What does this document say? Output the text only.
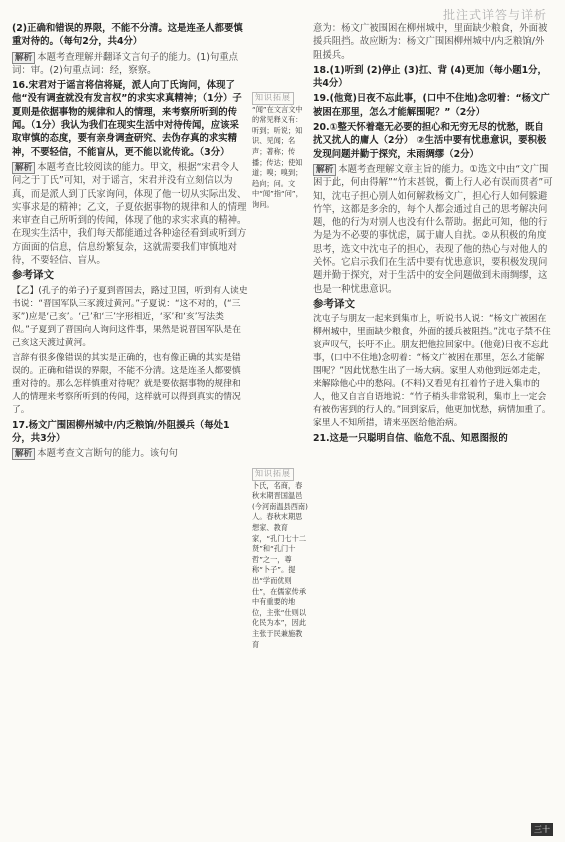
批注式详答与详析

(2)正确和错误的界限，不能不分清。这是连圣人都要慎重对待的。（每句2分，共4分）

解析 本题考查理解并翻译文言句子的能力。(1)句重点词：审。(2)句重点词：经，察察。

16.宋君对于谣言将信将疑，派人向丁氏询问，体现了他“没有调查就没有发言权”的求实求真精神；（1分）子夏则是依据事物的规律和人的情理，来考察所听到的传闻。（1分）我认为我们在现实生活中对待传闻，应该采取审慎的态度，要有亲身调查研究、去伪存真的求实精神，不要轻信，不能盲从，更不能以讹传讹。（3分）

解析 本题考查比较阅读的能力。甲文，根据“宋君令人问之于丁氏”可知，对于谣言，宋君并没有立刻信以为真，而是派人到丁氏家询问，体现了他一切从实际出发、实事求是的精神；乙文，子夏依据事物的规律和人的情理来审查自己所听到的传闻，体现了他的求实求真的精神。在现实生活中，我们每天都能通过各种途径看到或听到方方面面的信息，信息纷繁复杂，这就需要我们审慎地对待，不要轻信、盲从。

参考译文

【乙】(孔子的弟子)子夏到晋国去，路过卫国，听到有人读史书说：“晋国军队三豕渡过黄河。”子夏说：“这不对的，(“三豕”)应是‘己亥’。‘己’和‘三’字形相近，‘豕’和‘亥’写法类似。”子夏到了晋国向人询问这件事，果然是说晋国军队是在己亥这天渡过黄河。

言辞有很多像错误的其实是正确的，也有像正确的其实是错误的。正确和错误的界限，不能不分清。这是连圣人都要慎重对待的。那么怎样慎重对待呢？就是要依据事物的规律和人的情理来考察所听到的传闻，这样就可以得到真实的情况了。

17.杨文广围困柳州城中/内乏粮饷/外阻援兵（每处1分，共3分）

解析 本题考查文言断句的能力。该句句

知识拓展
“闻”在文言文中的常见释义有：听到；听说；知识、见闻；名声；著称；传播；传达；使知道；嗅；嗅到；趋向；问。文中“闻”指“问”，询问。
知识拓展
卜氏，名商，春秋末期晋国温邑(今河南温县西南)人。春秋末期思想家、教育家，“孔门七十二贤”和“孔门十哲”之一，尊称“卜子”。提出“学而优则仕”，在儒家传承中有重要的地位，主张“仕则以化民为本”，因此主张于民兼施教育

意为：杨文广被围困在柳州城中，里面缺少粮食，外面被援兵阻挡。故应断为：杨文广围困柳州城中/内乏粮饷/外阻援兵。

18.(1)听到 (2)停止 (3)扛、背 (4)更加（每小题1分，共4分）

19.(他竟)日夜不忘此事，(口中不住地)念叨着：“杨文广被困在那里，怎么才能解围呢？”（2分）

20.①整天怀着毫无必要的担心和无穷无尽的忧愁，既自扰又扰人的庸人（2分） ②生活中要有忧患意识，要积极发现问题并勤于探究，未雨绸缪（2分）

解析 本题考查理解文章主旨的能力。①选文中由“文广围困于此，何由得解”“竹末甚锐，衢上行人必有误而贯者”可知，沈屯子担心别人如何解救杨文广，担心行人如何躲避竹竿，这都是多余的，每个人都会通过自己的思考解决问题，他的行为对别人也没有什么帮助。据此可知，他的行为是为不必要的事忧虑，属于庸人自扰。②从积极的角度思考，选文中沈屯子的担心，表现了他的热心与对他人的关怀。它启示我们在生活中要有忧患意识，要积极发现问题并勤于探究，对于生活中的安全问题做到未雨绸缪，这也是一种忧患意识。

参考译文

沈屯子与朋友一起来到集市上，听说书人说：“杨文广被困在柳州城中，里面缺少粮食，外面的援兵被阻挡。”沈屯子禁不住哀声叹气，长吁不止。朋友把他拉回家中。(他竟)日夜不忘此事，(口中不住地)念叨着：“杨文广被困在那里，怎么才能解围呢？”因此忧愁生出了一场大病。家里人劝他到远郊走走，来解除他心中的愁闷。(不料)又看见有扛着竹子进入集市的人，他又自言自语地说：“竹子梢头非常锐利，集市上一定会有被伤害到的行人的。”回到家后，他更加忧愁，病情加重了。家里人不知所措，请来巫医给他治病。

21.这是一只聪明自信、临危不乱、知恩图报的

三十
